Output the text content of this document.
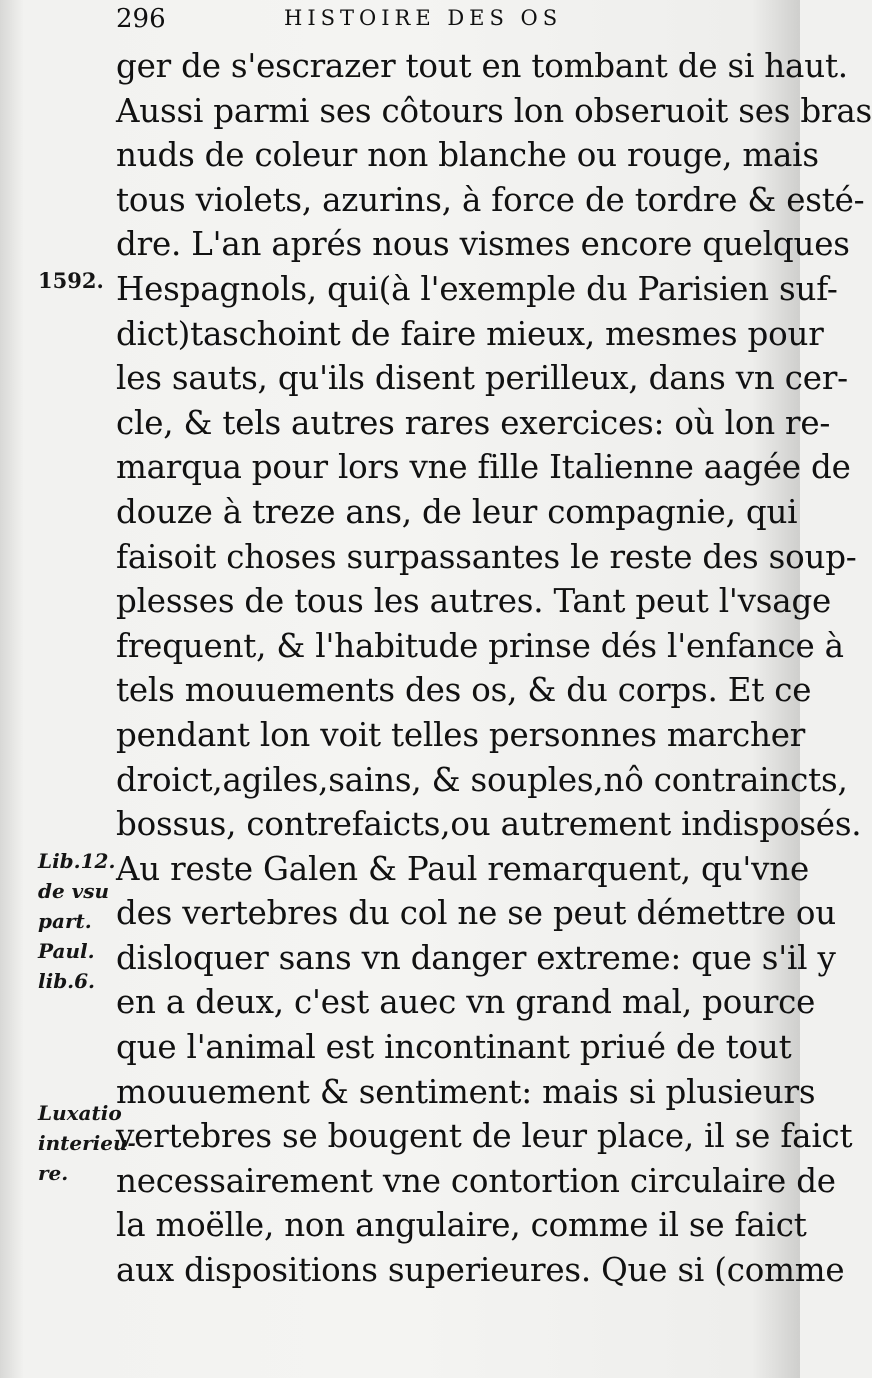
296	HISTOIRE DES OS
1592.
Lib.12.
de vsu
part.
Paul.
lib.6.
Luxatio
interieu-
re.
ger de s'escrazer tout en tombant de si haut.
Aussi parmi ses côtours lon obseruoit ses bras
nuds de coleur non blanche ou rouge, mais
tous violets, azurins, à force de tordre & esté-
dre. L'an aprés nous vismes encore quelques
Hespagnols, qui(à l'exemple du Parisien suf-
dict)taschoint de faire mieux, mesmes pour
les sauts, qu'ils disent perilleux, dans vn cer-
cle, & tels autres rares exercices: où lon re-
marqua pour lors vne fille Italienne aagée de
douze à treze ans, de leur compagnie, qui
faisoit choses surpassantes le reste des soup-
plesses de tous les autres. Tant peut l'vsage
frequent, & l'habitude prinse dés l'enfance à
tels mouuements des os, & du corps. Et ce
pendant lon voit telles personnes marcher
droict,agiles,sains, & souples,nô contraincts,
bossus, contrefaicts,ou autrement indisposés.
Au reste Galen & Paul remarquent, qu'vne
des vertebres du col ne se peut démettre ou
disloquer sans vn danger extreme: que s'il y
en a deux, c'est auec vn grand mal, pource
que l'animal est incontinant priué de tout
mouuement & sentiment: mais si plusieurs
vertebres se bougent de leur place, il se faict
necessairement vne contortion circulaire de
la moëlle, non angulaire, comme il se faict
aux dispositions superieures. Que si (comme
